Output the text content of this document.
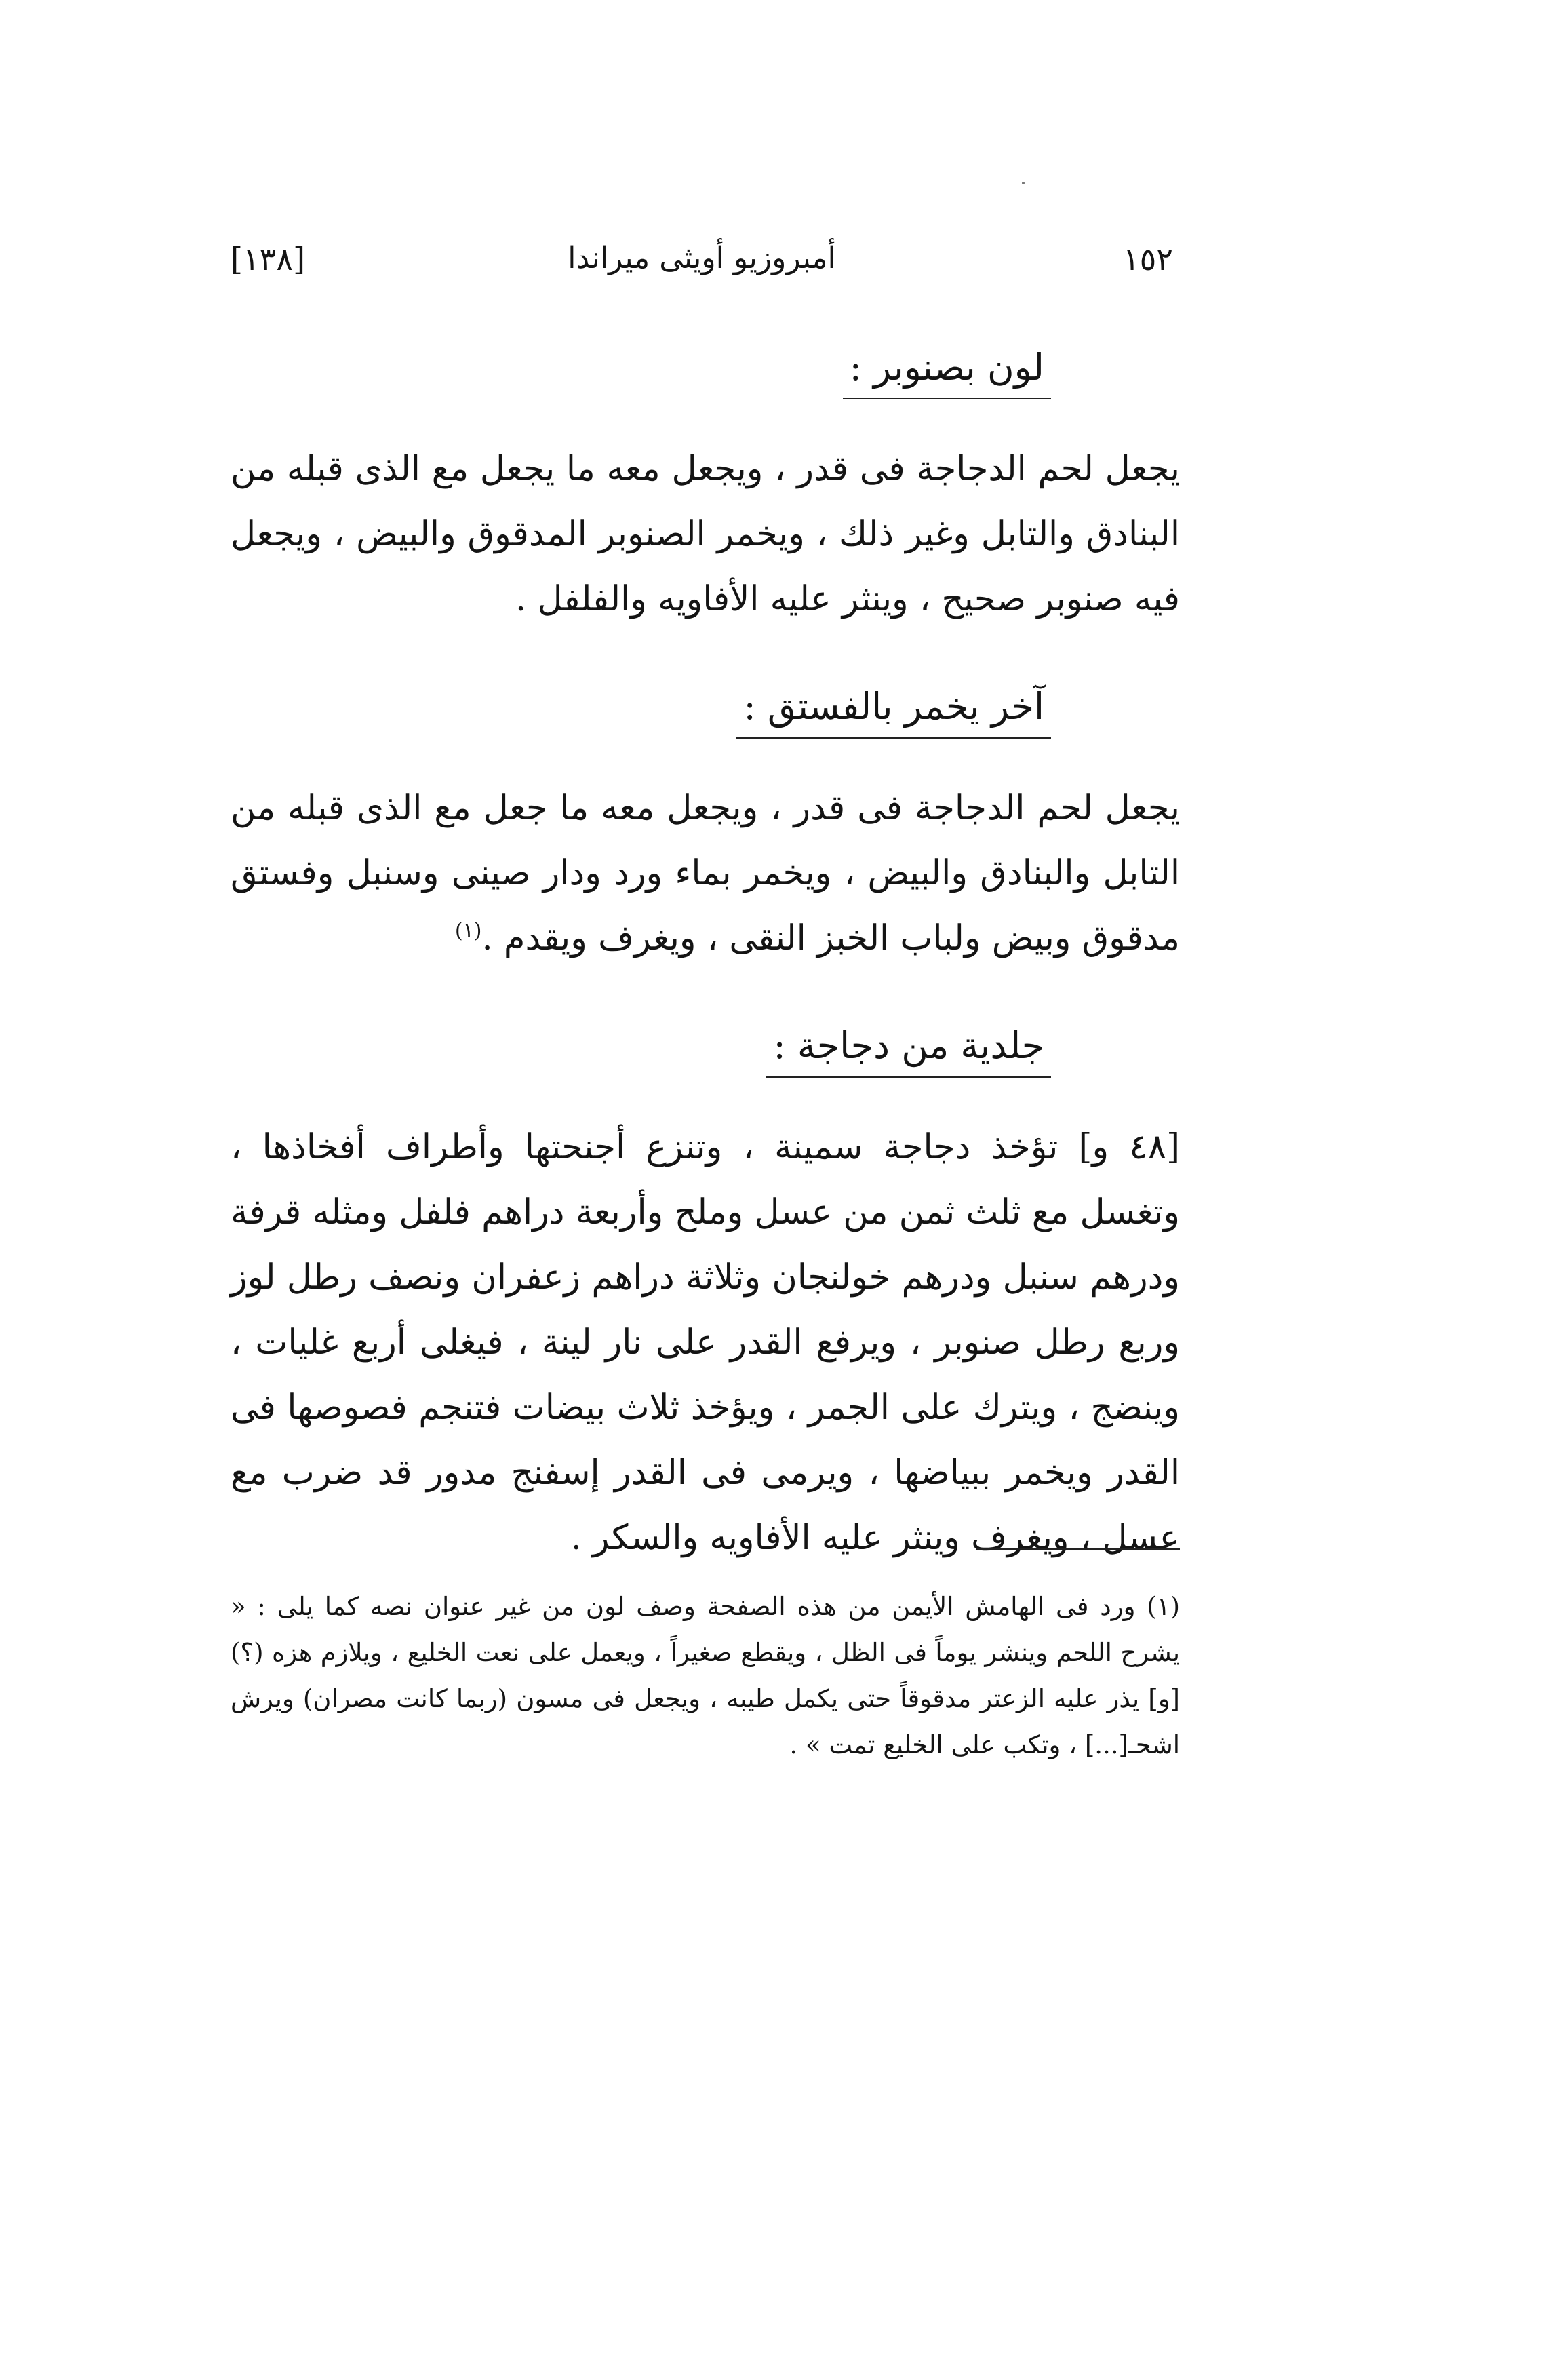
١٥٢
أمبروزيو أويثى ميراندا
[١٣٨]
لون بصنوبر :

يجعل لحم الدجاجة فى قدر ، ويجعل معه ما يجعل مع الذى قبله من البنادق والتابل وغير ذلك ، ويخمر الصنوبر المدقوق والبيض ، ويجعل فيه صنوبر صحيح ، وينثر عليه الأفاويه والفلفل .

آخر يخمر بالفستق :

يجعل لحم الدجاجة فى قدر ، ويجعل معه ما جعل مع الذى قبله من التابل والبنادق والبيض ، ويخمر بماء ورد ودار صينى وسنبل وفستق مدقوق وبيض ولباب الخبز النقى ، ويغرف ويقدم .$^{(١)}$

جلدية من دجاجة :

[٤٨ و] تؤخذ دجاجة سمينة ، وتنزع أجنحتها وأطراف أفخاذها ، وتغسل مع ثلث ثمن من عسل وملح وأربعة دراهم فلفل ومثله قرفة ودرهم سنبل ودرهم خولنجان وثلاثة دراهم زعفران ونصف رطل لوز وربع رطل صنوبر ، ويرفع القدر على نار لينة ، فيغلى أربع غليات ، وينضج ، ويترك على الجمر ، ويؤخذ ثلاث بيضات فتنجم فصوصها فى القدر ويخمر ببياضها ، ويرمى فى القدر إسفنج مدور قد ضرب مع عسل ، ويغرف وينثر عليه الأفاويه والسكر .

(١) ورد فى الهامش الأيمن من هذه الصفحة وصف لون من غير عنوان نصه كما يلى : « يشرح اللحم وينشر يوماً فى الظل ، ويقطع صغيراً ، ويعمل على نعت الخليع ، ويلازم هزه (؟) [و] يذر عليه الزعتر مدقوقاً حتى يكمل طيبه ، ويجعل فى مسون (ربما كانت مصران) ويرش اشحـ[...] ، وتكب على الخليع تمت » .
